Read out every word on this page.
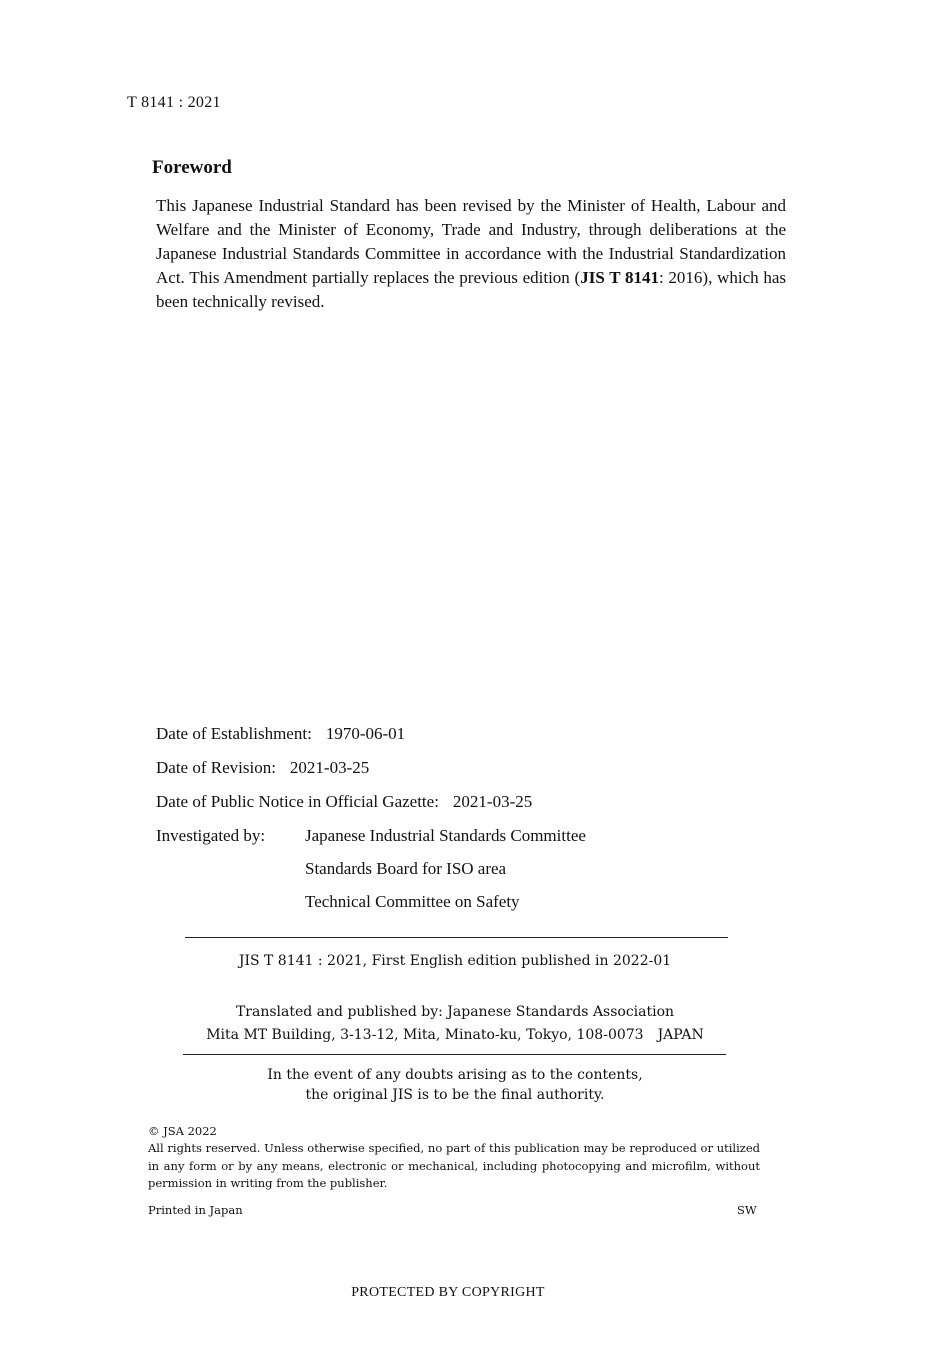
T 8141 : 2021
Foreword
This Japanese Industrial Standard has been revised by the Minister of Health, Labour and Welfare and the Minister of Economy, Trade and Industry, through deliberations at the Japanese Industrial Standards Committee in accordance with the Industrial Standardization Act. This Amendment partially replaces the previous edition (JIS T 8141: 2016), which has been technically revised.
Date of Establishment: 1970-06-01
Date of Revision: 2021-03-25
Date of Public Notice in Official Gazette: 2021-03-25
Investigated by: Japanese Industrial Standards Committee
Standards Board for ISO area
Technical Committee on Safety
JIS T 8141 : 2021, First English edition published in 2022-01
Translated and published by: Japanese Standards Association
Mita MT Building, 3-13-12, Mita, Minato-ku, Tokyo, 108-0073　JAPAN
In the event of any doubts arising as to the contents,
the original JIS is to be the final authority.
© JSA 2022
All rights reserved. Unless otherwise specified, no part of this publication may be reproduced or utilized in any form or by any means, electronic or mechanical, including photocopying and microfilm, without permission in writing from the publisher.
Printed in Japan	SW
PROTECTED BY COPYRIGHT
